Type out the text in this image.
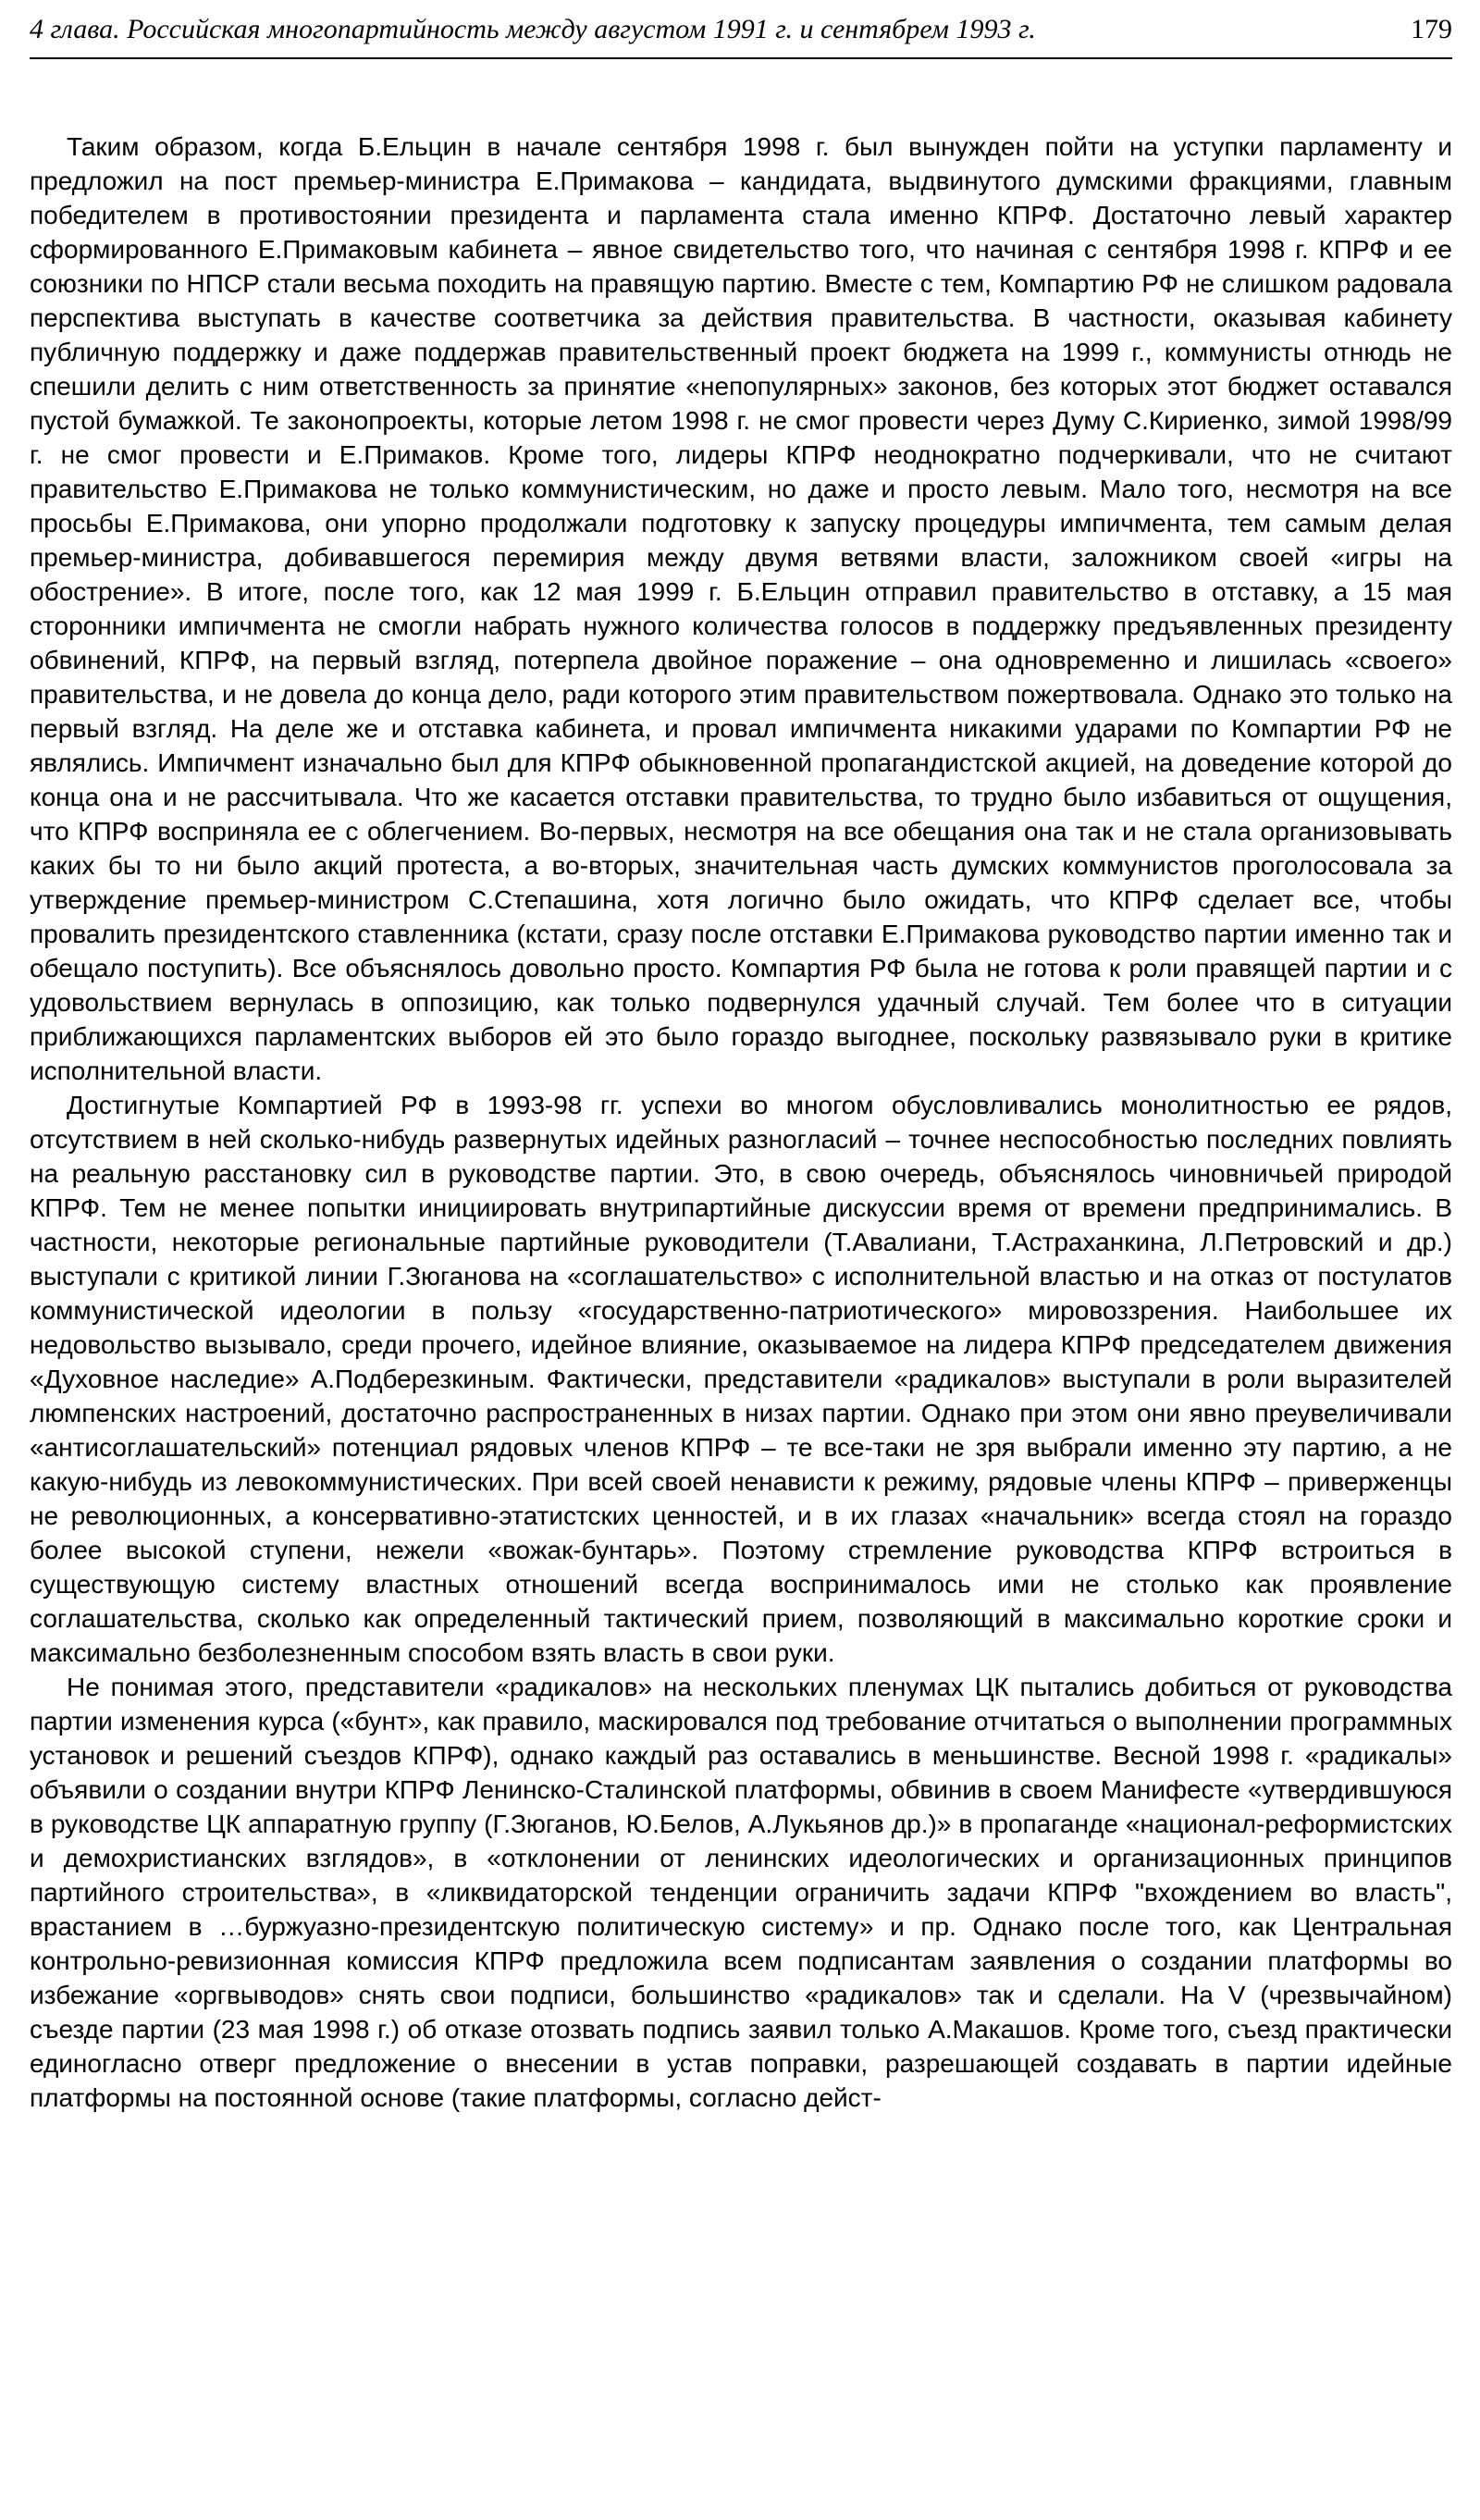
4 глава. Российская многопартийность между августом 1991 г. и сентябрем 1993 г.	179

Таким образом, когда Б.Ельцин в начале сентября 1998 г. был вынужден пойти на уступки парламенту и предложил на пост премьер-министра Е.Примакова – кандидата, выдвинутого думскими фракциями, главным победителем в противостоянии президента и парламента стала именно КПРФ. Достаточно левый характер сформированного Е.Примаковым кабинета – явное свидетельство того, что начиная с сентября 1998 г. КПРФ и ее союзники по НПСР стали весьма походить на правящую партию. Вместе с тем, Компартию РФ не слишком радовала перспектива выступать в качестве соответчика за действия правительства. В частности, оказывая кабинету публичную поддержку и даже поддержав правительственный проект бюджета на 1999 г., коммунисты отнюдь не спешили делить с ним ответственность за принятие «непопулярных» законов, без которых этот бюджет оставался пустой бумажкой. Те законопроекты, которые летом 1998 г. не смог провести через Думу С.Кириенко, зимой 1998/99 г. не смог провести и Е.Примаков. Кроме того, лидеры КПРФ неоднократно подчеркивали, что не считают правительство Е.Примакова не только коммунистическим, но даже и просто левым. Мало того, несмотря на все просьбы Е.Примакова, они упорно продолжали подготовку к запуску процедуры импичмента, тем самым делая премьер-министра, добивавшегося перемирия между двумя ветвями власти, заложником своей «игры на обострение». В итоге, после того, как 12 мая 1999 г. Б.Ельцин отправил правительство в отставку, а 15 мая сторонники импичмента не смогли набрать нужного количества голосов в поддержку предъявленных президенту обвинений, КПРФ, на первый взгляд, потерпела двойное поражение – она одновременно и лишилась «своего» правительства, и не довела до конца дело, ради которого этим правительством пожертвовала. Однако это только на первый взгляд. На деле же и отставка кабинета, и провал импичмента никакими ударами по Компартии РФ не являлись. Импичмент изначально был для КПРФ обыкновенной пропагандистской акцией, на доведение которой до конца она и не рассчитывала. Что же касается отставки правительства, то трудно было избавиться от ощущения, что КПРФ восприняла ее с облегчением. Во-первых, несмотря на все обещания она так и не стала организовывать каких бы то ни было акций протеста, а во-вторых, значительная часть думских коммунистов проголосовала за утверждение премьер-министром С.Степашина, хотя логично было ожидать, что КПРФ сделает все, чтобы провалить президентского ставленника (кстати, сразу после отставки Е.Примакова руководство партии именно так и обещало поступить). Все объяснялось довольно просто. Компартия РФ была не готова к роли правящей партии и с удовольствием вернулась в оппозицию, как только подвернулся удачный случай. Тем более что в ситуации приближающихся парламентских выборов ей это было гораздо выгоднее, поскольку развязывало руки в критике исполнительной власти.

Достигнутые Компартией РФ в 1993-98 гг. успехи во многом обусловливались монолитностью ее рядов, отсутствием в ней сколько-нибудь развернутых идейных разногласий – точнее неспособностью последних повлиять на реальную расстановку сил в руководстве партии. Это, в свою очередь, объяснялось чиновничьей природой КПРФ. Тем не менее попытки инициировать внутрипартийные дискуссии время от времени предпринимались. В частности, некоторые региональные партийные руководители (Т.Авалиани, Т.Астраханкина, Л.Петровский и др.) выступали с критикой линии Г.Зюганова на «соглашательство» с исполнительной властью и на отказ от постулатов коммунистической идеологии в пользу «государственно-патриотического» мировоззрения. Наибольшее их недовольство вызывало, среди прочего, идейное влияние, оказываемое на лидера КПРФ председателем движения «Духовное наследие» А.Подберезкиным. Фактически, представители «радикалов» выступали в роли выразителей люмпенских настроений, достаточно распространенных в низах партии. Однако при этом они явно преувеличивали «антисоглашательский» потенциал рядовых членов КПРФ – те все-таки не зря выбрали именно эту партию, а не какую-нибудь из левокоммунистических. При всей своей ненависти к режиму, рядовые члены КПРФ – приверженцы не революционных, а консервативно-этатистских ценностей, и в их глазах «начальник» всегда стоял на гораздо более высокой ступени, нежели «вожак-бунтарь». Поэтому стремление руководства КПРФ встроиться в существующую систему властных отношений всегда воспринималось ими не столько как проявление соглашательства, сколько как определенный тактический прием, позволяющий в максимально короткие сроки и максимально безболезненным способом взять власть в свои руки.

Не понимая этого, представители «радикалов» на нескольких пленумах ЦК пытались добиться от руководства партии изменения курса («бунт», как правило, маскировался под требование отчитаться о выполнении программных установок и решений съездов КПРФ), однако каждый раз оставались в меньшинстве. Весной 1998 г. «радикалы» объявили о создании внутри КПРФ Ленинско-Сталинской платформы, обвинив в своем Манифесте «утвердившуюся в руководстве ЦК аппаратную группу (Г.Зюганов, Ю.Белов, А.Лукьянов др.)» в пропаганде «национал-реформистских и демохристианских взглядов», в «отклонении от ленинских идеологических и организационных принципов партийного строительства», в «ликвидаторской тенденции ограничить задачи КПРФ "вхождением во власть", врастанием в …буржуазно-президентскую политическую систему» и пр. Однако после того, как Центральная контрольно-ревизионная комиссия КПРФ предложила всем подписантам заявления о создании платформы во избежание «оргвыводов» снять свои подписи, большинство «радикалов» так и сделали. На V (чрезвычайном) съезде партии (23 мая 1998 г.) об отказе отозвать подпись заявил только А.Макашов. Кроме того, съезд практически единогласно отверг предложение о внесении в устав поправки, разрешающей создавать в партии идейные платформы на постоянной основе (такие платформы, согласно дейст-
